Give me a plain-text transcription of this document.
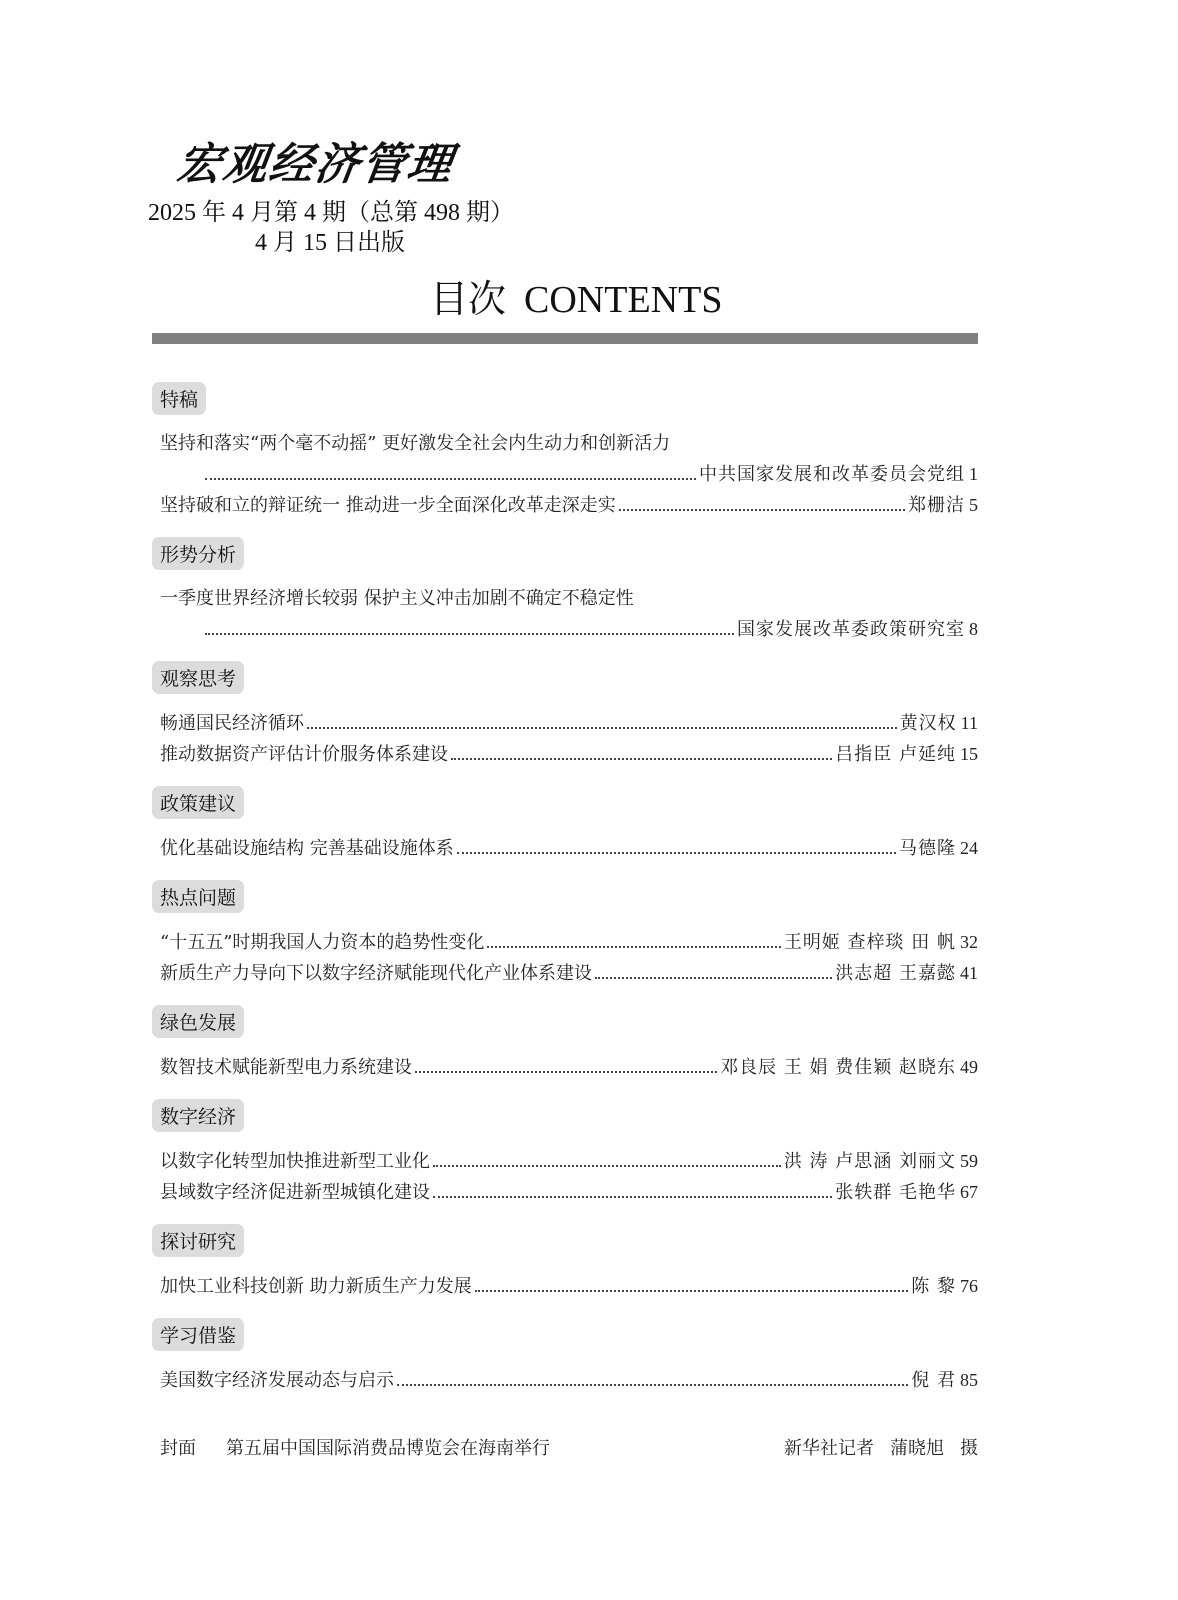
宏观经济管理
2025 年 4 月第 4 期（总第 498 期）
4 月 15 日出版
目次 CONTENTS
特稿
坚持和落实“两个毫不动摇” 更好激发全社会内生动力和创新活力
中共国家发展和改革委员会党组 1
坚持破和立的辩证统一 推动进一步全面深化改革走深走实	郑栅洁 5
形势分析
一季度世界经济增长较弱 保护主义冲击加剧不确定不稳定性
国家发展改革委政策研究室 8
观察思考
畅通国民经济循环	黄汉权 11
推动数据资产评估计价服务体系建设	吕指臣 卢延纯 15
政策建议
优化基础设施结构 完善基础设施体系	马德隆 24
热点问题
“十五五”时期我国人力资本的趋势性变化	王明姬 查梓琰 田 帆 32
新质生产力导向下以数字经济赋能现代化产业体系建设	洪志超 王嘉懿 41
绿色发展
数智技术赋能新型电力系统建设	邓良辰 王 娟 费佳颖 赵晓东 49
数字经济
以数字化转型加快推进新型工业化	洪 涛 卢思涵 刘丽文 59
县域数字经济促进新型城镇化建设	张轶群 毛艳华 67
探讨研究
加快工业科技创新 助力新质生产力发展	陈 黎 76
学习借鉴
美国数字经济发展动态与启示	倪 君 85
封面 第五届中国国际消费品博览会在海南举行	新华社记者 蒲晓旭 摄
